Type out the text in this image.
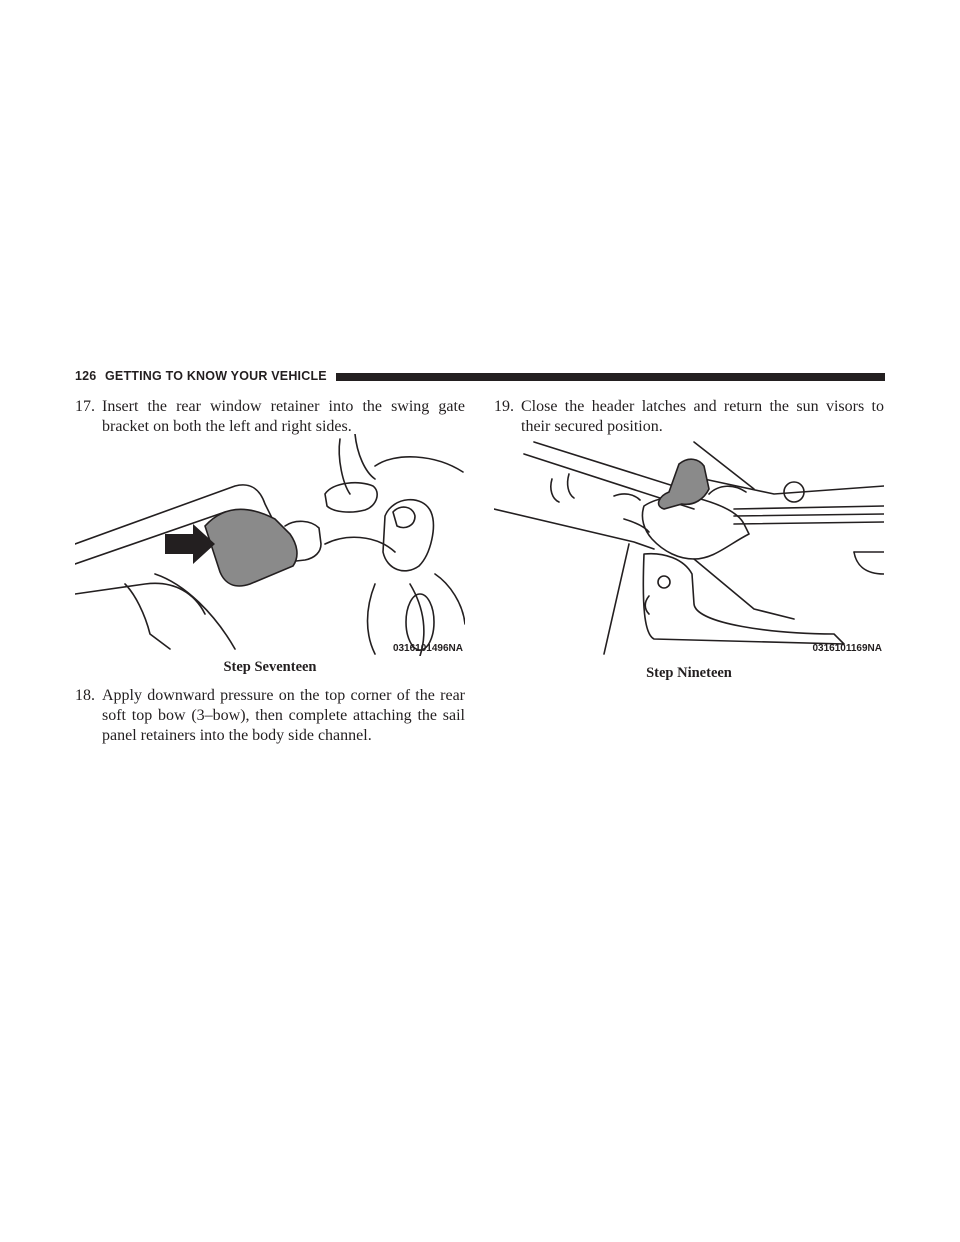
126 GETTING TO KNOW YOUR VEHICLE
17. Insert the rear window retainer into the swing gate bracket on both the left and right sides.
0316101496NA
Step Seventeen
18. Apply downward pressure on the top corner of the rear soft top bow (3–bow), then complete attaching the sail panel retainers into the body side channel.
19. Close the header latches and return the sun visors to their secured position.
0316101169NA
Step Nineteen
